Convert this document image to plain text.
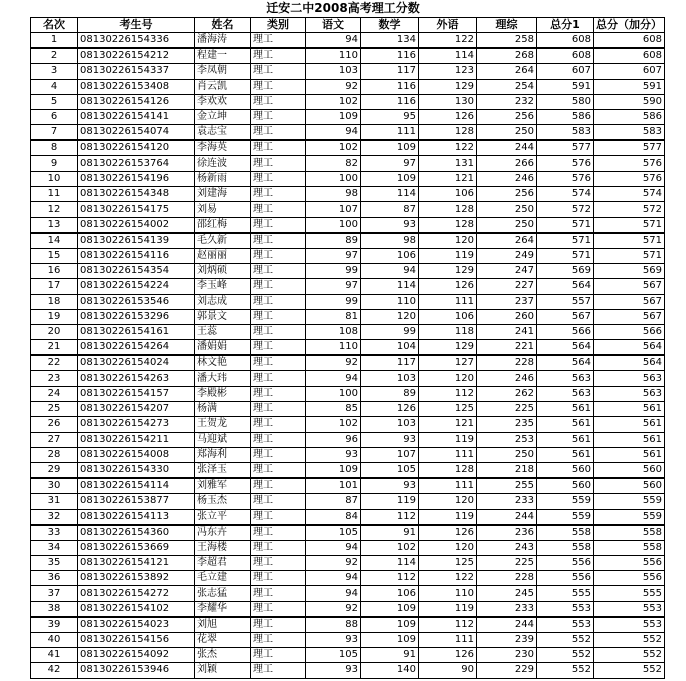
迁安二中2008高考理工分数
名次	考生号	姓名	类别	语文	数学	外语	理综	总分1	总分（加分）
1	08130226154336	潘海涛	理工	94	134	122	258	608	608
2	08130226154212	程建一	理工	110	116	114	268	608	608
3	08130226154337	李凤朝	理工	103	117	123	264	607	607
4	08130226153408	肖云凯	理工	92	116	129	254	591	591
5	08130226154126	李欢欢	理工	102	116	130	232	580	590
6	08130226154141	金立坤	理工	109	95	126	256	586	586
7	08130226154074	袁志宝	理工	94	111	128	250	583	583
8	08130226154120	李海英	理工	102	109	122	244	577	577
9	08130226153764	徐连波	理工	82	97	131	266	576	576
10	08130226154196	杨新雨	理工	100	109	121	246	576	576
11	08130226154348	刘建海	理工	98	114	106	256	574	574
12	08130226154175	刘易	理工	107	87	128	250	572	572
13	08130226154002	邵红梅	理工	100	93	128	250	571	571
14	08130226154139	毛久新	理工	89	98	120	264	571	571
15	08130226154116	赵丽丽	理工	97	106	119	249	571	571
16	08130226154354	刘炳硕	理工	99	94	129	247	569	569
17	08130226154224	李玉峰	理工	97	114	126	227	564	567
18	08130226153546	刘志成	理工	99	110	111	237	557	567
19	08130226153296	郭景文	理工	81	120	106	260	567	567
20	08130226154161	王蕊	理工	108	99	118	241	566	566
21	08130226154264	潘娟娟	理工	110	104	129	221	564	564
22	08130226154024	林文艳	理工	92	117	127	228	564	564
23	08130226154263	潘大玮	理工	94	103	120	246	563	563
24	08130226154157	李殿彬	理工	100	89	112	262	563	563
25	08130226154207	杨满	理工	85	126	125	225	561	561
26	08130226154273	王贺龙	理工	102	103	121	235	561	561
27	08130226154211	马迎斌	理工	96	93	119	253	561	561
28	08130226154008	郑海利	理工	93	107	111	250	561	561
29	08130226154330	张泽玉	理工	109	105	128	218	560	560
30	08130226154114	刘雅军	理工	101	93	111	255	560	560
31	08130226153877	杨玉杰	理工	87	119	120	233	559	559
32	08130226154113	张立平	理工	84	112	119	244	559	559
33	08130226154360	冯东卉	理工	105	91	126	236	558	558
34	08130226153669	王海楼	理工	94	102	120	243	558	558
35	08130226154121	李超君	理工	92	114	125	225	556	556
36	08130226153892	毛立建	理工	94	112	122	228	556	556
37	08130226154272	张志猛	理工	94	106	110	245	555	555
38	08130226154102	李耀华	理工	92	109	119	233	553	553
39	08130226154023	刘旭	理工	88	109	112	244	553	553
40	08130226154156	花翠	理工	93	109	111	239	552	552
41	08130226154092	张杰	理工	105	91	126	230	552	552
42	08130226153946	刘颖	理工	93	140	90	229	552	552
